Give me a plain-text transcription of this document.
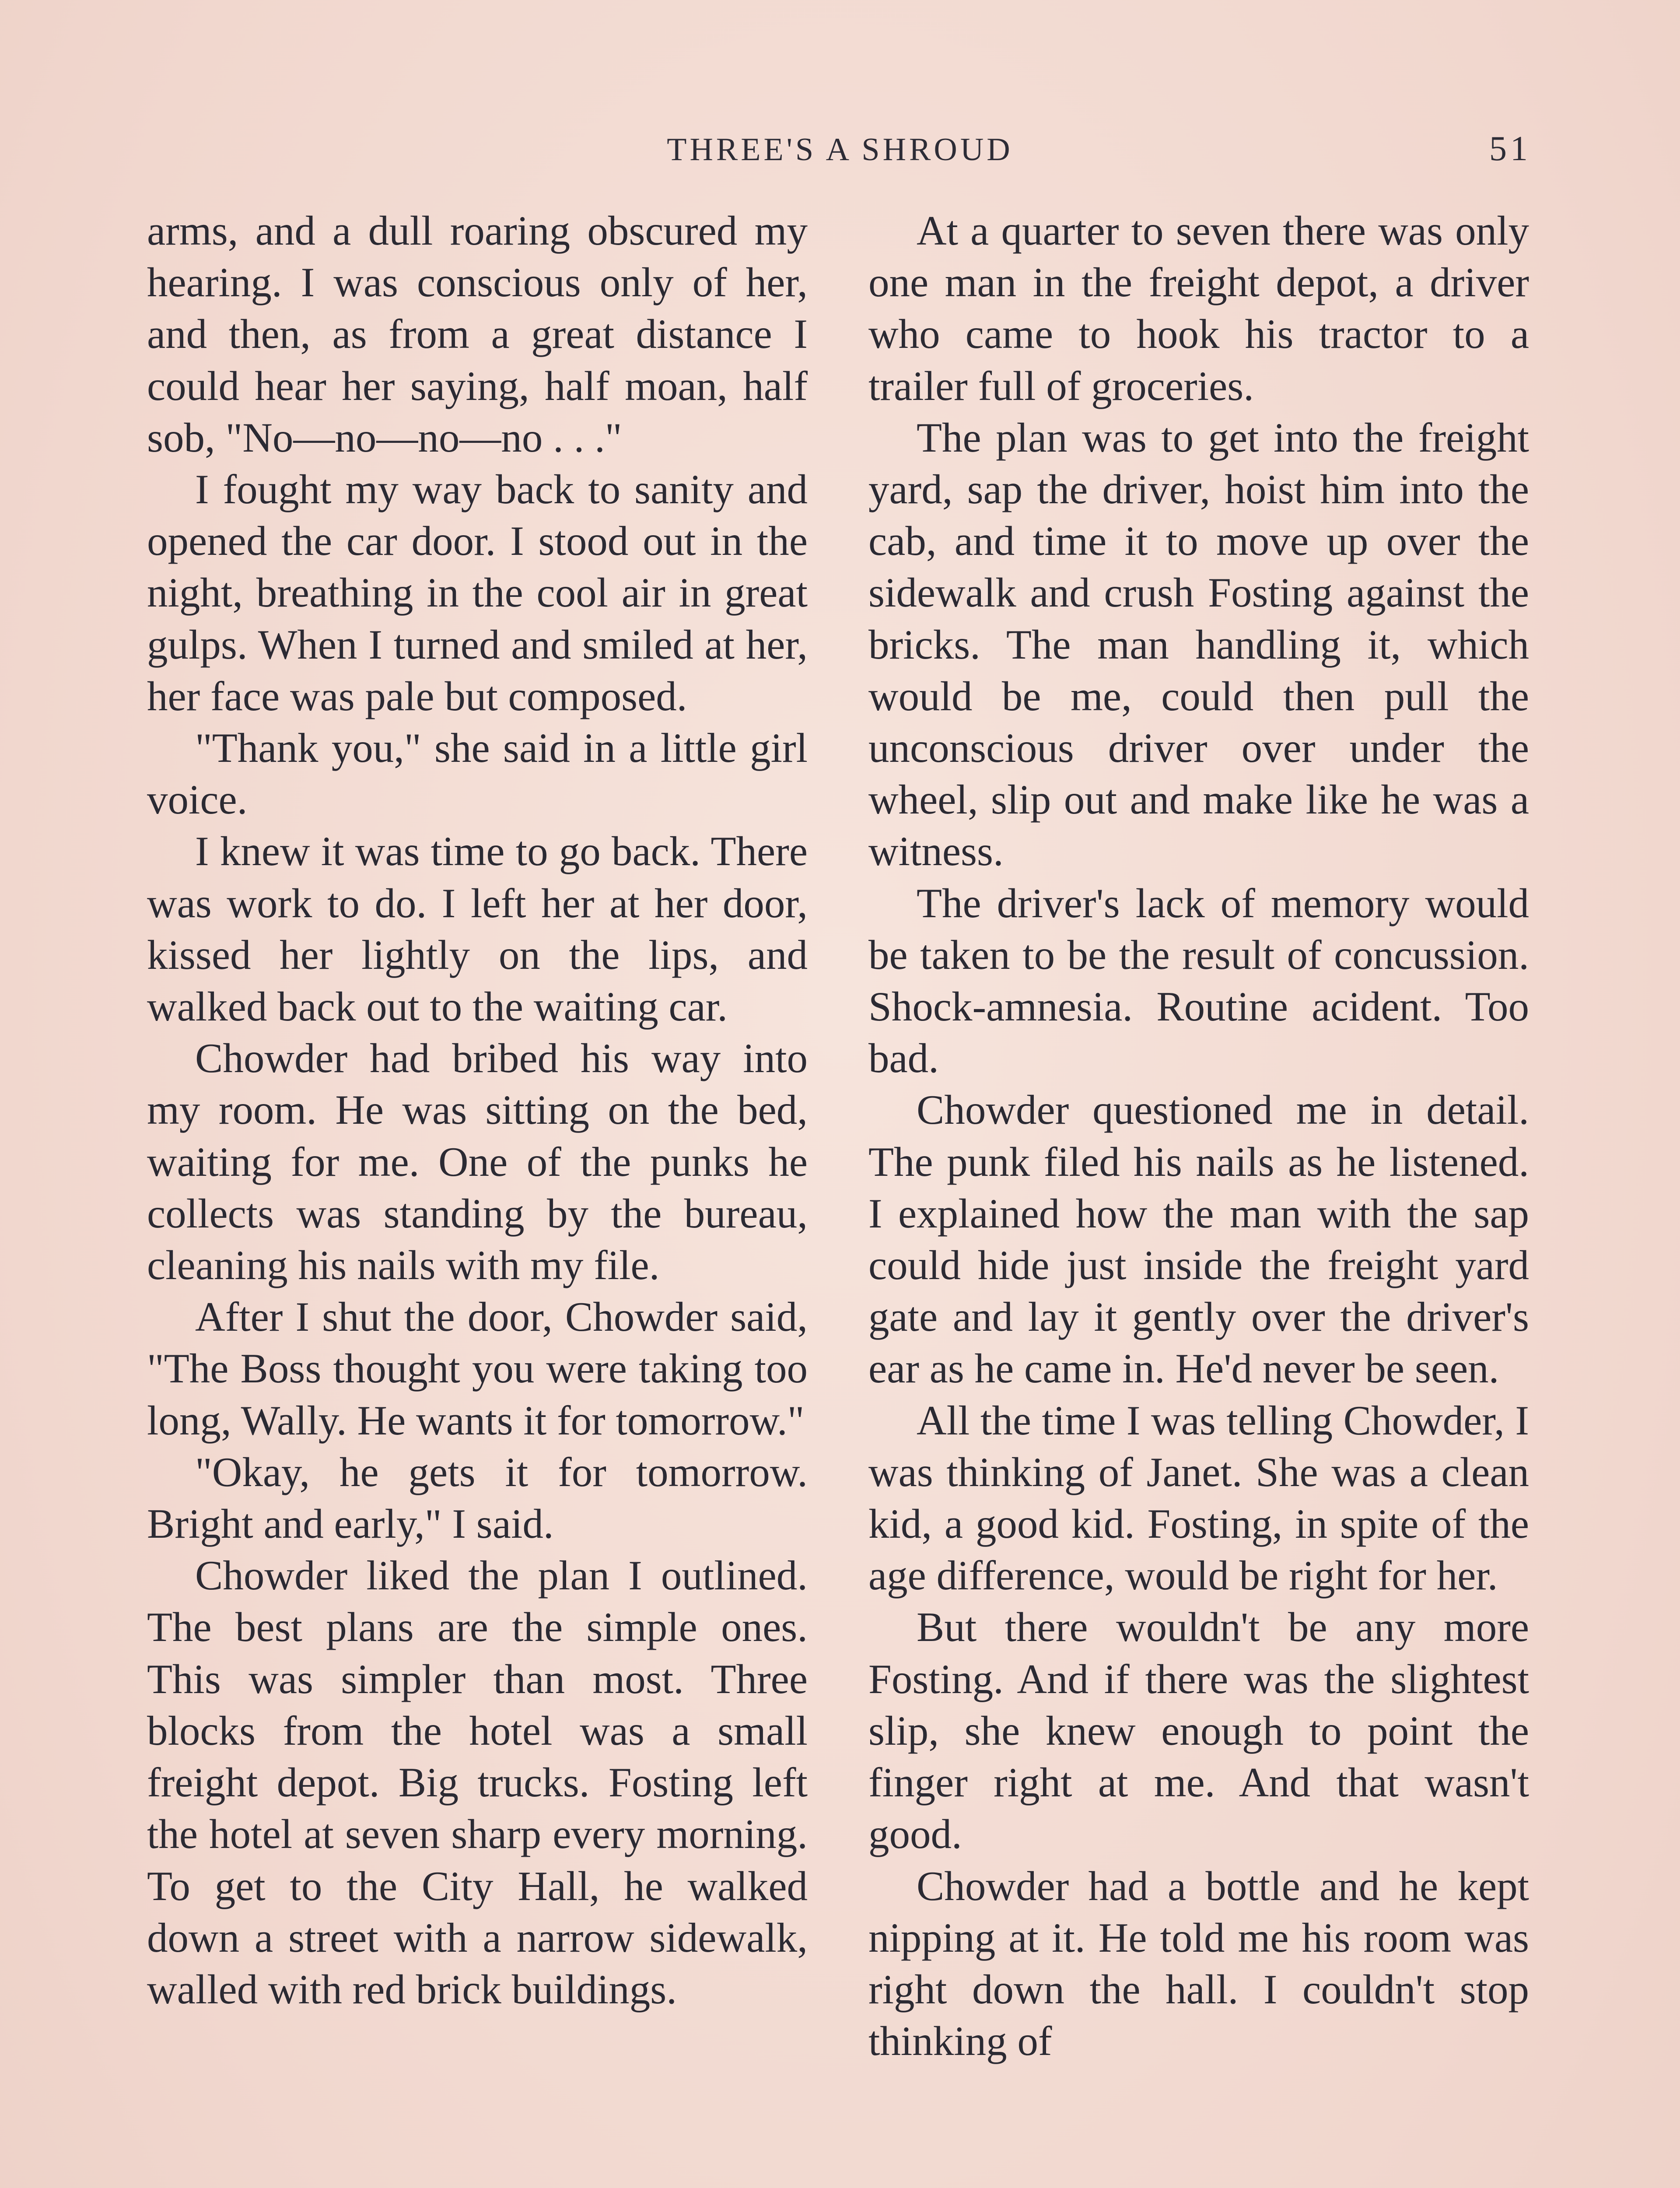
THREE'S A SHROUD	51

arms, and a dull roaring obscured my hearing. I was conscious only of her, and then, as from a great distance I could hear her saying, half moan, half sob, "No—no—no—no . . ."

I fought my way back to sanity and opened the car door. I stood out in the night, breathing in the cool air in great gulps. When I turned and smiled at her, her face was pale but composed.

"Thank you," she said in a little girl voice.

I knew it was time to go back. There was work to do. I left her at her door, kissed her lightly on the lips, and walked back out to the waiting car.

Chowder had bribed his way into my room. He was sitting on the bed, waiting for me. One of the punks he collects was standing by the bureau, cleaning his nails with my file.

After I shut the door, Chowder said, "The Boss thought you were taking too long, Wally. He wants it for tomorrow."

"Okay, he gets it for tomorrow. Bright and early," I said.

Chowder liked the plan I outlined. The best plans are the simple ones. This was simpler than most. Three blocks from the hotel was a small freight depot. Big trucks. Fosting left the hotel at seven sharp every morning. To get to the City Hall, he walked down a street with a narrow sidewalk, walled with red brick buildings.

At a quarter to seven there was only one man in the freight depot, a driver who came to hook his tractor to a trailer full of groceries.

The plan was to get into the freight yard, sap the driver, hoist him into the cab, and time it to move up over the sidewalk and crush Fosting against the bricks. The man handling it, which would be me, could then pull the unconscious driver over under the wheel, slip out and make like he was a witness.

The driver's lack of memory would be taken to be the result of concussion. Shock-amnesia. Routine acident. Too bad.

Chowder questioned me in detail. The punk filed his nails as he listened. I explained how the man with the sap could hide just inside the freight yard gate and lay it gently over the driver's ear as he came in. He'd never be seen.

All the time I was telling Chowder, I was thinking of Janet. She was a clean kid, a good kid. Fosting, in spite of the age difference, would be right for her.

But there wouldn't be any more Fosting. And if there was the slightest slip, she knew enough to point the finger right at me. And that wasn't good.

Chowder had a bottle and he kept nipping at it. He told me his room was right down the hall. I couldn't stop thinking of
